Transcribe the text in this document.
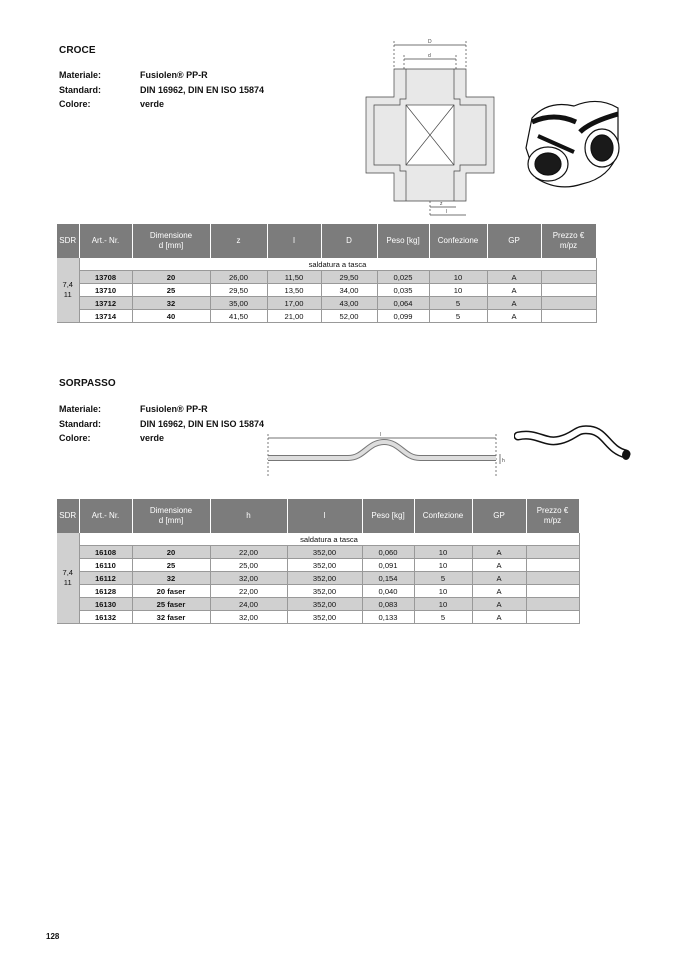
CROCE
Materiale:	Fusiolen® PP-R
Standard:	DIN 16962, DIN EN ISO 15874
Colore:	verde
D
d
l
z
SDR	Art.- Nr.	Dimensione
d [mm]	z	l	D	Peso [kg]	Confezione	GP	Prezzo €
m/pz
7,4
11	saldatura a tasca								
	13708	20	26,00	11,50	29,50	0,025	10	A	
	13710	25	29,50	13,50	34,00	0,035	10	A	
	13712	32	35,00	17,00	43,00	0,064	5	A	
	13714	40	41,50	21,00	52,00	0,099	5	A	
SORPASSO
Materiale:	Fusiolen® PP-R
Standard:	DIN 16962, DIN EN ISO 15874
Colore:	verde	l
h
SDR	Art.- Nr.	Dimensione
d [mm]	h	l	Peso [kg]	Confezione	GP	Prezzo €
m/pz
7,4
11	saldatura a tasca							
	16108	20	22,00	352,00	0,060	10	A	
	16110	25	25,00	352,00	0,091	10	A	
	16112	32	32,00	352,00	0,154	5	A	
	16128	20 faser	22,00	352,00	0,040	10	A	
	16130	25 faser	24,00	352,00	0,083	10	A	
	16132	32 faser	32,00	352,00	0,133	5	A	
128
